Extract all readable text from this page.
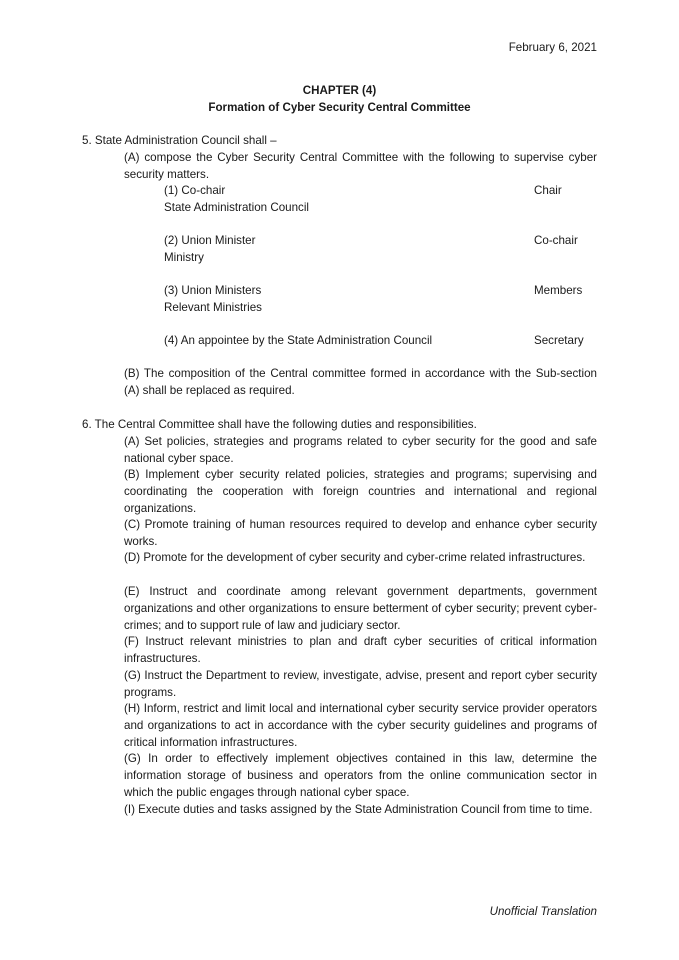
February 6, 2021
CHAPTER (4)
Formation of Cyber Security Central Committee

5. State Administration Council shall –

(A) compose the Cyber Security Central Committee with the following to supervise cyber security matters.

(1) Co-chair
State Administration Council
Chair
(2) Union Minister
Ministry
Co-chair
(3) Union Ministers
Relevant Ministries
Members
(4) An appointee by the State Administration Council	Secretary

(B) The composition of the Central committee formed in accordance with the Sub-section (A) shall be replaced as required.

6. The Central Committee shall have the following duties and responsibilities.

(A) Set policies, strategies and programs related to cyber security for the good and safe national cyber space.

(B) Implement cyber security related policies, strategies and programs; supervising and coordinating the cooperation with foreign countries and international and regional organizations.

(C) Promote training of human resources required to develop and enhance cyber security works.

(D) Promote for the development of cyber security and cyber-crime related infrastructures.

(E) Instruct and coordinate among relevant government departments, government organizations and other organizations to ensure betterment of cyber security; prevent cyber-crimes; and to support rule of law and judiciary sector.

(F) Instruct relevant ministries to plan and draft cyber securities of critical information infrastructures.

(G) Instruct the Department to review, investigate, advise, present and report cyber security programs.

(H) Inform, restrict and limit local and international cyber security service provider operators and organizations to act in accordance with the cyber security guidelines and programs of critical information infrastructures.

(G) In order to effectively implement objectives contained in this law, determine the information storage of business and operators from the online communication sector in which the public engages through national cyber space.

(I) Execute duties and tasks assigned by the State Administration Council from time to time.

Unofficial Translation
